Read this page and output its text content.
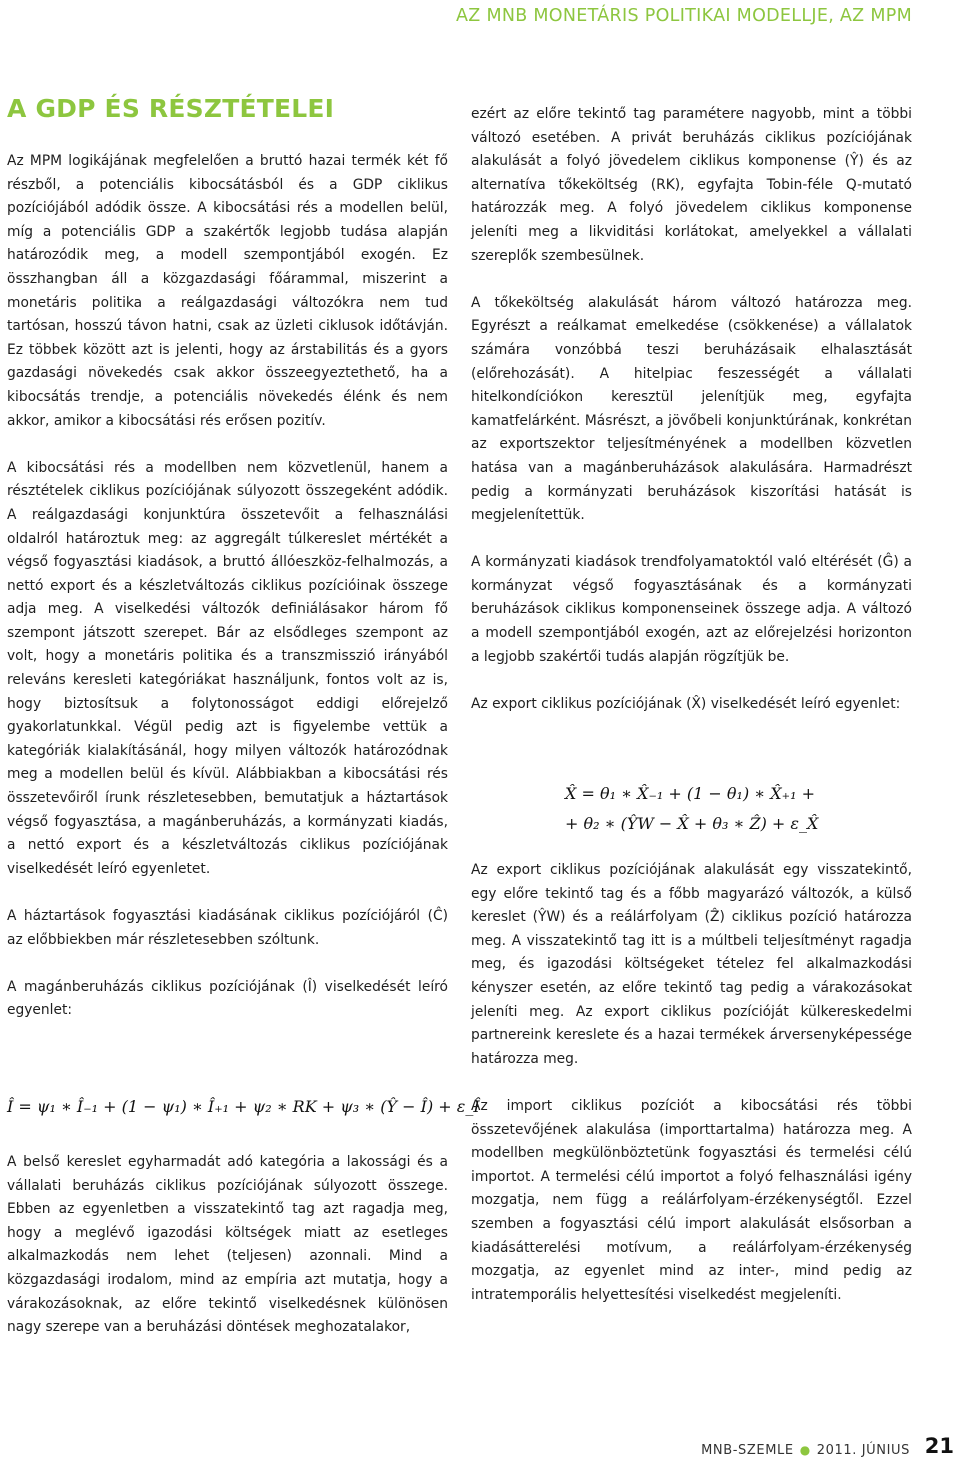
AZ MNB MONETÁRIS POLITIKAI MODELLJE, AZ MPM
A GDP ÉS RÉSZTÉTELEI

Az MPM logikájának megfelelően a bruttó hazai termék két fő részből, a potenciális kibocsátásból és a GDP ciklikus pozíciójából adódik össze. A kibocsátási rés a modellen belül, míg a potenciális GDP a szakértők legjobb tudása alapján határozódik meg, a modell szempontjából exogén. Ez összhangban áll a közgazdasági főárammal, miszerint a monetáris politika a reálgazdasági változókra nem tud tartósan, hosszú távon hatni, csak az üzleti ciklusok időtávján. Ez többek között azt is jelenti, hogy az árstabilitás és a gyors gazdasági növekedés csak akkor összeegyeztethető, ha a kibocsátás trendje, a potenciális növekedés élénk és nem akkor, amikor a kibocsátási rés erősen pozitív.

A kibocsátási rés a modellben nem közvetlenül, hanem a résztételek ciklikus pozíciójának súlyozott összegeként adódik. A reálgazdasági konjunktúra összetevőit a felhasználási oldalról határoztuk meg: az aggregált túlkereslet mértékét a végső fogyasztási kiadások, a bruttó állóeszköz-felhalmozás, a nettó export és a készletváltozás ciklikus pozícióinak összege adja meg. A viselkedési változók definiálásakor három fő szempont játszott szerepet. Bár az elsődleges szempont az volt, hogy a monetáris politika és a transzmisszió irányából releváns keresleti kategóriákat használjunk, fontos volt az is, hogy biztosítsuk a folytonosságot eddigi előrejelző gyakorlatunkkal. Végül pedig azt is figyelembe vettük a kategóriák kialakításánál, hogy milyen változók határozódnak meg a modellen belül és kívül. Alábbiakban a kibocsátási rés összetevőiről írunk részletesebben, bemutatjuk a háztartások végső fogyasztása, a magánberuházás, a kormányzati kiadás, a nettó export és a készletváltozás ciklikus pozíciójának viselkedését leíró egyenletet.

A háztartások fogyasztási kiadásának ciklikus pozíciójáról (Ĉ) az előbbiekben már részletesebben szóltunk.

A magánberuházás ciklikus pozíciójának (Î) viselkedését leíró egyenlet:

Î = ψ₁ ∗ Î₋₁ + (1 − ψ₁) ∗ Î₊₁ + ψ₂ ∗ RK + ψ₃ ∗ (Ŷ − Î) + ε_Î
A belső kereslet egyharmadát adó kategória a lakossági és a vállalati beruházás ciklikus pozíciójának súlyozott összege. Ebben az egyenletben a visszatekintő tag azt ragadja meg, hogy a meglévő igazodási költségek miatt az esetleges alkalmazkodás nem lehet (teljesen) azonnali. Mind a közgazdasági irodalom, mind az empíria azt mutatja, hogy a várakozásoknak, az előre tekintő viselkedésnek különösen nagy szerepe van a beruházási döntések meghozatalakor,

ezért az előre tekintő tag paramétere nagyobb, mint a többi változó esetében. A privát beruházás ciklikus pozíciójának alakulását a folyó jövedelem ciklikus komponense (Ŷ) és az alternatíva tőkeköltség (RK), egyfajta Tobin-féle Q-mutató határozzák meg. A folyó jövedelem ciklikus komponense jeleníti meg a likviditási korlátokat, amelyekkel a vállalati szereplők szembesülnek.

A tőkeköltség alakulását három változó határozza meg. Egyrészt a reálkamat emelkedése (csökkenése) a vállalatok számára vonzóbbá teszi beruházásaik elhalasztását (előrehozását). A hitelpiac feszességét a vállalati hitelkondíciókon keresztül jelenítjük meg, egyfajta kamatfelárként. Másrészt, a jövőbeli konjunktúrának, konkrétan az exportszektor teljesítményének a modellben közvetlen hatása van a magánberuházások alakulására. Harmadrészt pedig a kormányzati beruházások kiszorítási hatását is megjelenítettük.

A kormányzati kiadások trendfolyamatoktól való eltérését (Ĝ) a kormányzat végső fogyasztásának és a kormányzati beruházások ciklikus komponenseinek összege adja. A változó a modell szempontjából exogén, azt az előrejelzési horizonton a legjobb szakértői tudás alapján rögzítjük be.

Az export ciklikus pozíciójának (X̂) viselkedését leíró egyenlet:

X̂ = θ₁ ∗ X̂₋₁ + (1 − θ₁) ∗ X̂₊₁ +
+ θ₂ ∗ (ŶW − X̂ + θ₃ ∗ Ẑ) + ε_X̂

Az export ciklikus pozíciójának alakulását egy visszatekintő, egy előre tekintő tag és a főbb magyarázó változók, a külső kereslet (ŶW) és a reálárfolyam (Ẑ) ciklikus pozíció határozza meg. A visszatekintő tag itt is a múltbeli teljesítményt ragadja meg, és igazodási költségeket tételez fel alkalmazkodási kényszer esetén, az előre tekintő tag pedig a várakozásokat jeleníti meg. Az export ciklikus pozícióját külkereskedelmi partnereink kereslete és a hazai termékek árversenyképessége határozza meg.

Az import ciklikus pozíciót a kibocsátási rés többi összetevőjének alakulása (importtartalma) határozza meg. A modellben megkülönböztetünk fogyasztási és termelési célú importot. A termelési célú importot a folyó felhasználási igény mozgatja, nem függ a reálárfolyam-érzékenységtől. Ezzel szemben a fogyasztási célú import alakulását elsősorban a kiadásátterelési motívum, a reálárfolyam-érzékenység mozgatja, az egyenlet mind az inter-, mind pedig az intratemporális helyettesítési viselkedést megjeleníti.

MNB-SZEMLE ● 2011. JÚNIUS 21
